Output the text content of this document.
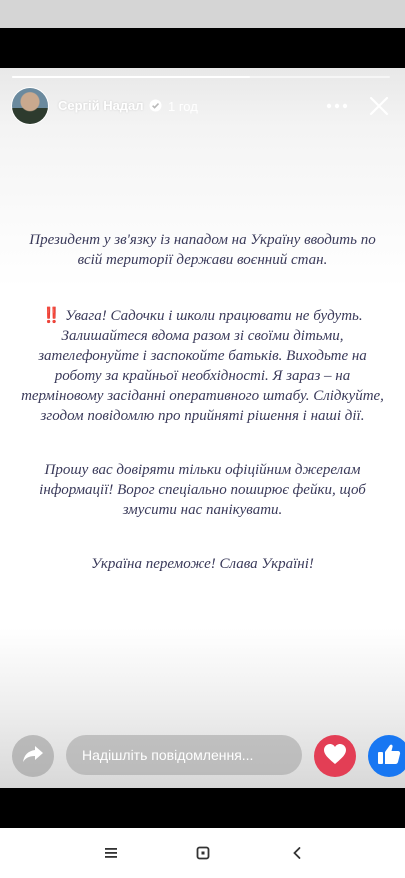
Сергій Надал 1 год

Президент у зв'язку із нападом на Україну вводить по всій території держави воєнний стан.

‼️ Увага! Садочки і школи працювати не будуть. Залишайтеся вдома разом зі своїми дітьми, зателефонуйте і заспокойте батьків. Виходьте на роботу за крайньої необхідності. Я зараз – на терміновому засіданні оперативного штабу. Слідкуйте, згодом повідомлю про прийняті рішення і наші дії.

Прошу вас довіряти тільки офіційним джерелам інформації! Ворог спеціально поширює фейки, щоб змусити нас панікувати.

Україна переможе! Слава Україні!

Надішліть повідомлення...
